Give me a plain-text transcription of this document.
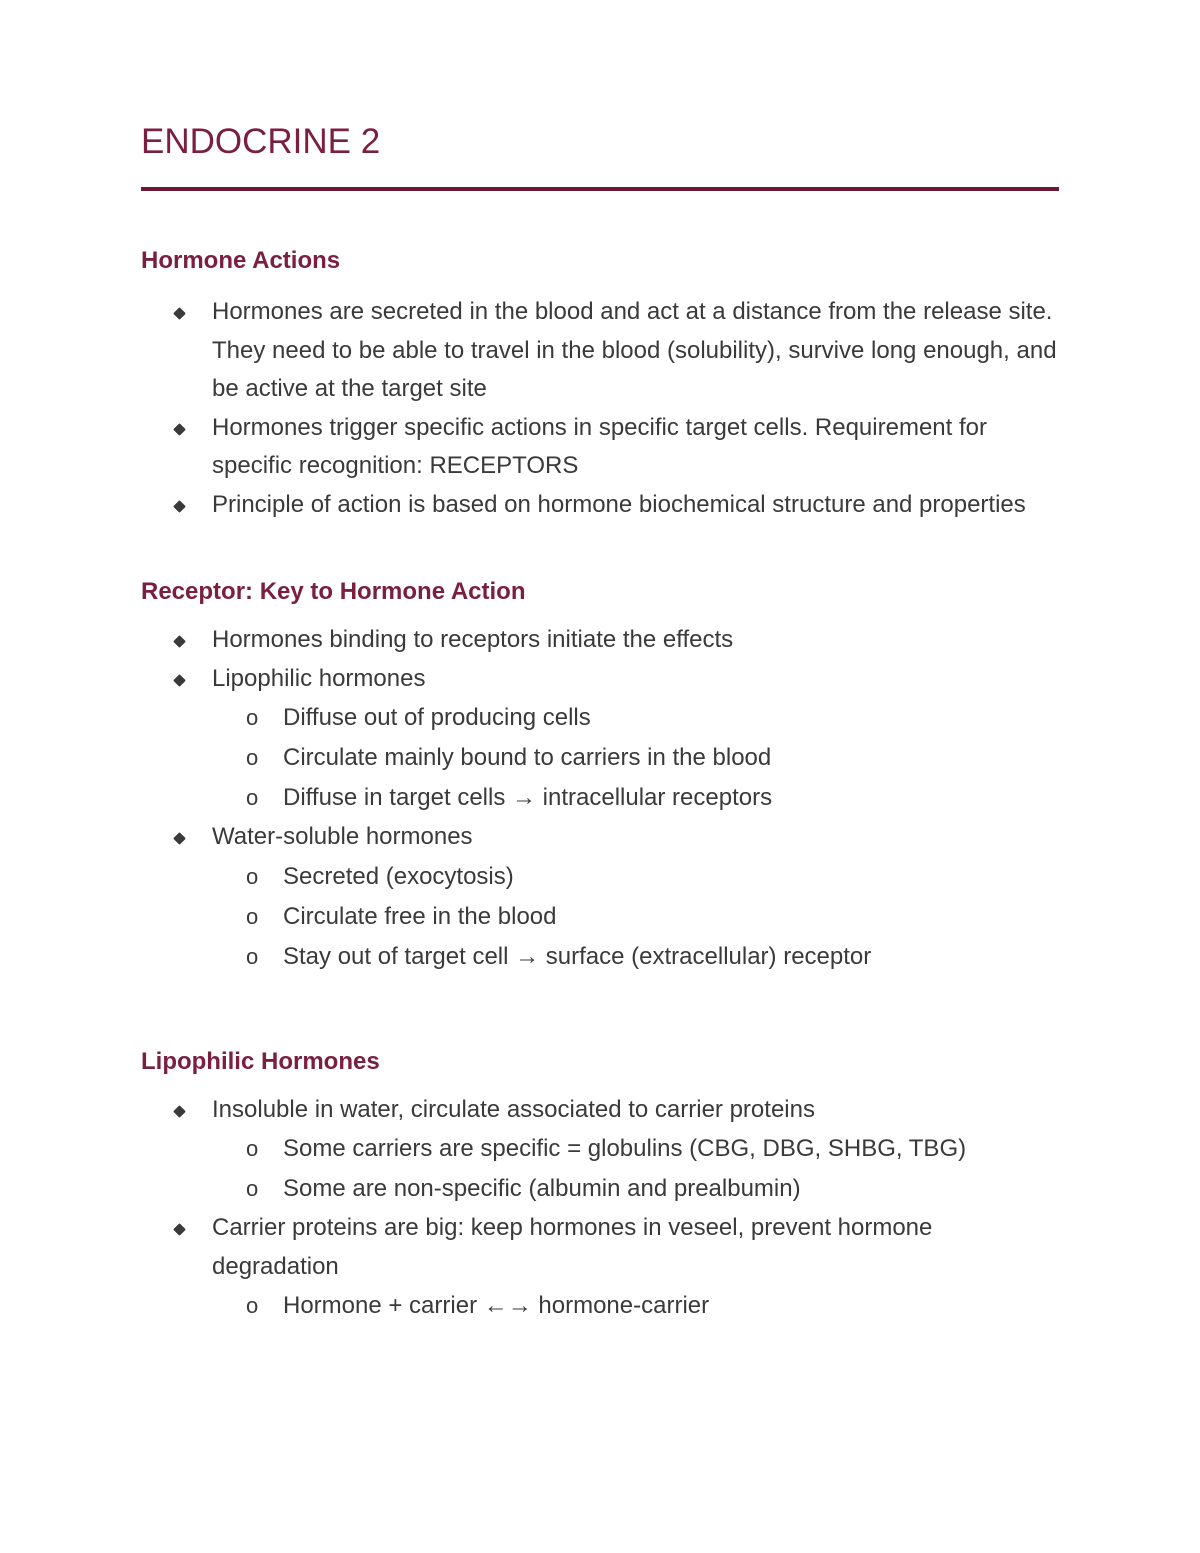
ENDOCRINE 2
Hormone Actions
Hormones are secreted in the blood and act at a distance from the release site. They need to be able to travel in the blood (solubility), survive long enough, and be active at the target site
Hormones trigger specific actions in specific target cells. Requirement for specific recognition: RECEPTORS
Principle of action is based on hormone biochemical structure and properties
Receptor: Key to Hormone Action
Hormones binding to receptors initiate the effects
Lipophilic hormones
o Diffuse out of producing cells
o Circulate mainly bound to carriers in the blood
o Diffuse in target cells → intracellular receptors
Water-soluble hormones
o Secreted (exocytosis)
o Circulate free in the blood
o Stay out of target cell → surface (extracellular) receptor
Lipophilic Hormones
Insoluble in water, circulate associated to carrier proteins
o Some carriers are specific = globulins (CBG, DBG, SHBG, TBG)
o Some are non-specific (albumin and prealbumin)
Carrier proteins are big: keep hormones in veseel, prevent hormone degradation
o Hormone + carrier ←→ hormone-carrier
